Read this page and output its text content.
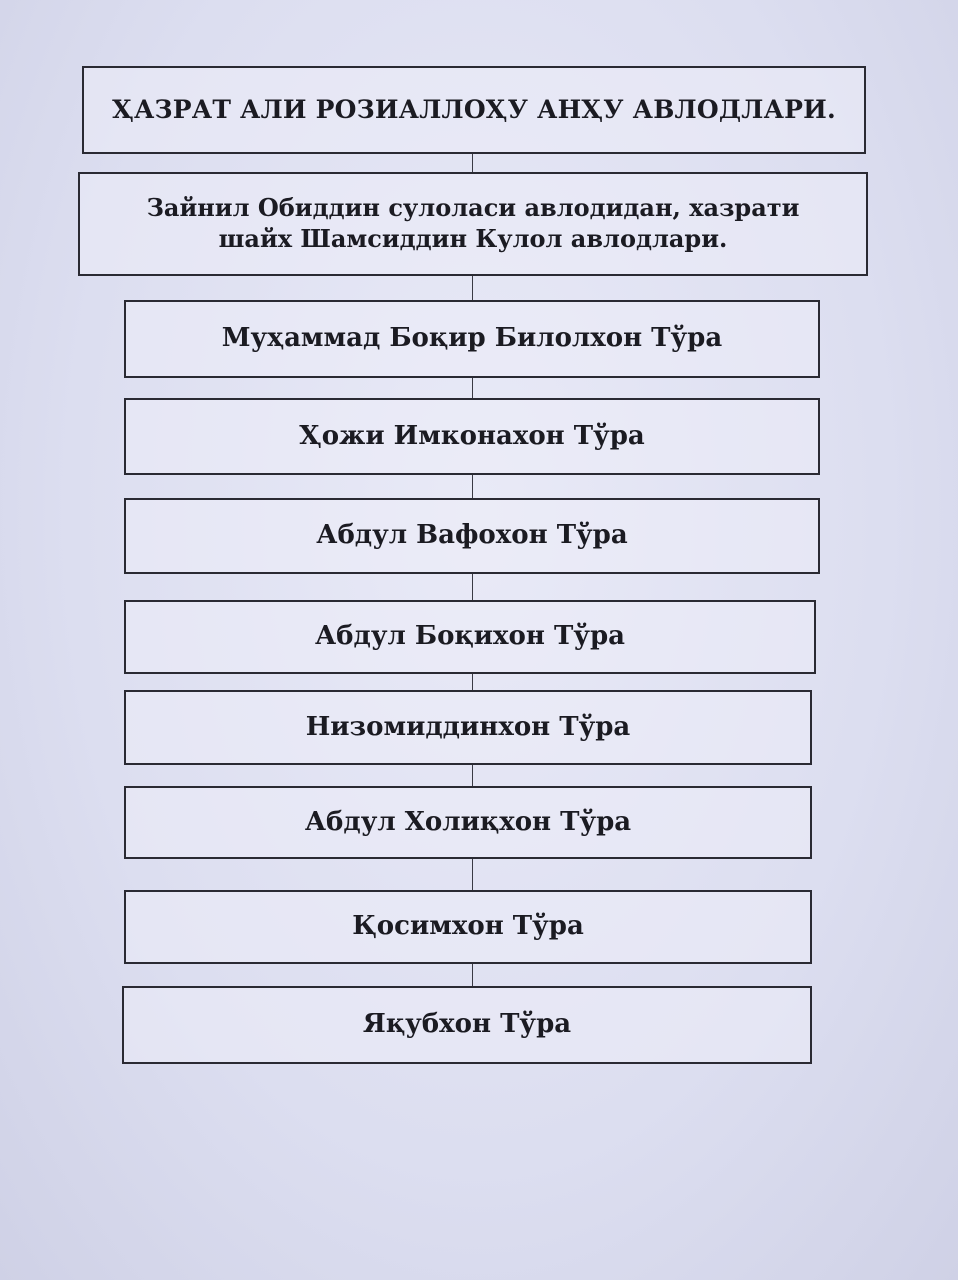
ҲАЗРАТ АЛИ РОЗИАЛЛОҲУ АНҲУ АВЛОДЛАРИ.
Зайнил Обиддин сулоласи авлодидан, хазрати шайх Шамсиддин Кулол авлодлари.
Муҳаммад Боқир Билолхон Тўра
Ҳожи Имконахон Тўра
Абдул Вафохон Тўра
Абдул Боқихон Тўра
Низомиддинхон Тўра
Абдул Холиқхон Тўра
Қосимхон Тўра
Яқубхон Тўра
